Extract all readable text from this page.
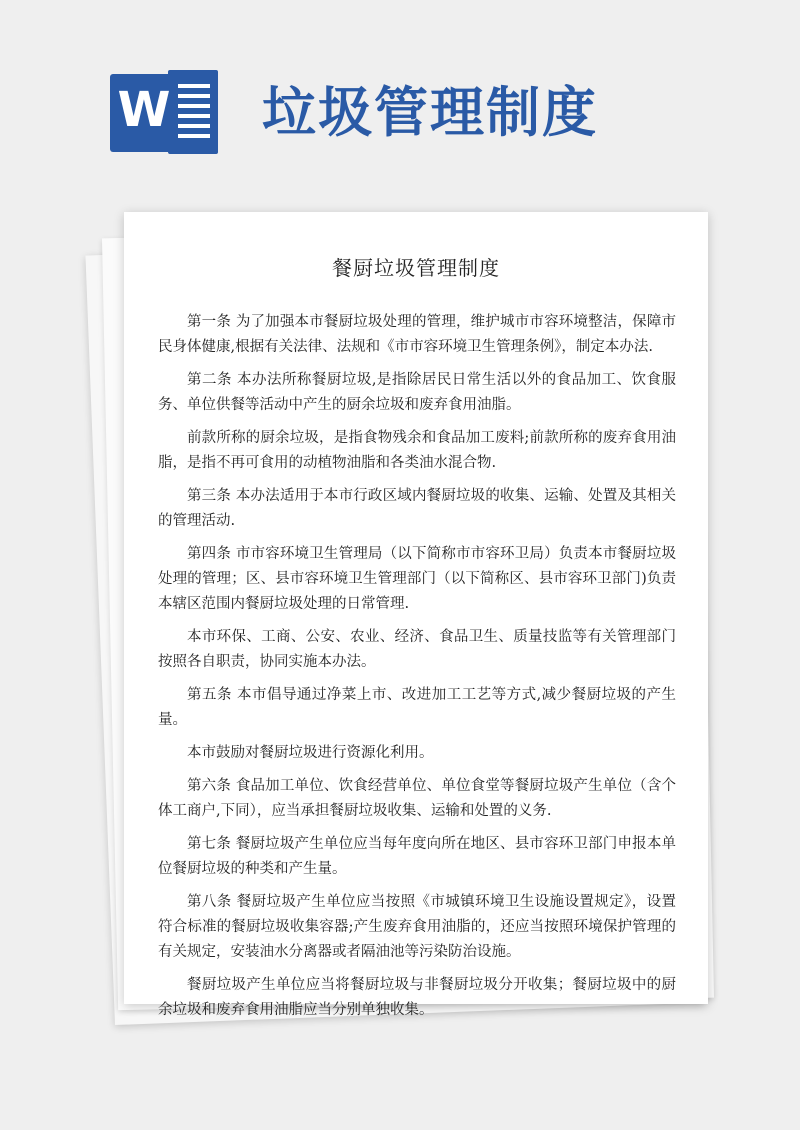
W 垃圾管理制度
餐厨垃圾管理制度

第一条 为了加强本市餐厨垃圾处理的管理，维护城市市容环境整洁，保障市民身体健康,根据有关法律、法规和《市市容环境卫生管理条例》，制定本办法.

第二条 本办法所称餐厨垃圾,是指除居民日常生活以外的食品加工、饮食服务、单位供餐等活动中产生的厨余垃圾和废弃食用油脂。

前款所称的厨余垃圾，是指食物残余和食品加工废料;前款所称的废弃食用油脂，是指不再可食用的动植物油脂和各类油水混合物.

第三条 本办法适用于本市行政区域内餐厨垃圾的收集、运输、处置及其相关的管理活动.

第四条 市市容环境卫生管理局（以下简称市市容环卫局）负责本市餐厨垃圾处理的管理；区、县市容环境卫生管理部门（以下简称区、县市容环卫部门)负责本辖区范围内餐厨垃圾处理的日常管理.

本市环保、工商、公安、农业、经济、食品卫生、质量技监等有关管理部门按照各自职责，协同实施本办法。

第五条 本市倡导通过净菜上市、改进加工工艺等方式,减少餐厨垃圾的产生量。

本市鼓励对餐厨垃圾进行资源化利用。

第六条 食品加工单位、饮食经营单位、单位食堂等餐厨垃圾产生单位（含个体工商户,下同），应当承担餐厨垃圾收集、运输和处置的义务.

第七条 餐厨垃圾产生单位应当每年度向所在地区、县市容环卫部门申报本单位餐厨垃圾的种类和产生量。

第八条 餐厨垃圾产生单位应当按照《市城镇环境卫生设施设置规定》，设置符合标准的餐厨垃圾收集容器;产生废弃食用油脂的，还应当按照环境保护管理的有关规定，安装油水分离器或者隔油池等污染防治设施。

餐厨垃圾产生单位应当将餐厨垃圾与非餐厨垃圾分开收集；餐厨垃圾中的厨余垃圾和废弃食用油脂应当分别单独收集。
